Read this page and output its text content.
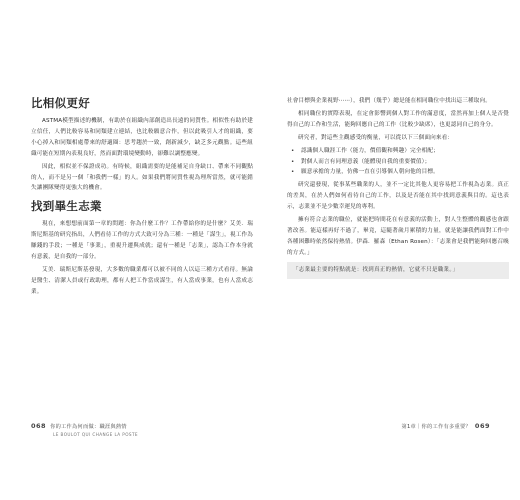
比相似更好

ASTMA模型描述的機制，有助於在組織內部創造出長遠的同質性。相似性有助於建立信任，人們比較容易和同類建立連結，也比較願意合作，但以此吸引人才的組織，要小心掉入和同類相處帶來的舒適圈：思考趨於一致，創新減少，缺乏多元觀點。這些組織可能在短期內表現良好，然而面對環境變動時，卻難以調整應變。

因此，相似並不保證成功。有時候，組織需要的是能補足自身缺口、帶來不同觀點的人，而不是另一個「和我們一樣」的人。如果我們將同質性視為理所當然，就可能錯失讓團隊變得更強大的機會。

找到畢生志業

現在，來想想前面第一章的問題：你為什麼工作？工作帶給你的是什麼？艾美．瑞斯尼斯基的研究指出，人們看待工作的方式大致可分為三種：一種是「謀生」，視工作為賺錢的手段；一種是「事業」，重視升遷與成就；還有一種是「志業」，認為工作本身就有意義，是自我的一部分。

艾美．瑞斯尼斯基發現，大多數的職業都可以被不同的人以這三種方式看待。無論是醫生、清潔人員或行政助理，都有人把工作當成謀生，有人當成事業，也有人當成志業。

社會目標與企業視野⋯⋯），我們（幾乎）總是能在相同職位中找出這三種取向。

相同職位的實際表現，在定會影響到個人對工作的滿意度，當然再加上個人是否覺得自己的工作和生活，能夠回應自己的工作（比較少缺席），也更認同自己的身分。

研究者，對這些主觀感受的衡量，可以從以下三個面向來看：

• 認識個人職涯工作（能力，價值觀和興趣）完全相配；
• 對個人而言有同理意義（能體現自我的重要價值）；
• 願意承擔的力量，仿佛一直在引導個人朝向他的目標。

研究還發現，從事某些職業的人，並不一定比其他人更容易把工作視為志業。真正的差異，在於人們如何看待自己的工作，以及是否能在其中找到意義與目的。這也表示，志業並不是少數幸運兒的專利。

擁有符合志業的職位，就能把時間花在有意義的活動上，對人生整體的觀感也會跟著改善。能這樣再好不過了，畢竟，這隨著歲月累積的力量，就是能讓我們面對工作中各種困難時依然保持熱情。伊森．羅森（Ethan Rosen）：「志業會是我們能夠回應召喚的方式。」

「志業最主要的特點就是：找到真正的熱情，它就不只是職業。」
068 你的工作為何而做：職涯與熱情
LE BOULOT QUI CHANGE LA POSTE
第1章｜你的工作有多重要？ 069
